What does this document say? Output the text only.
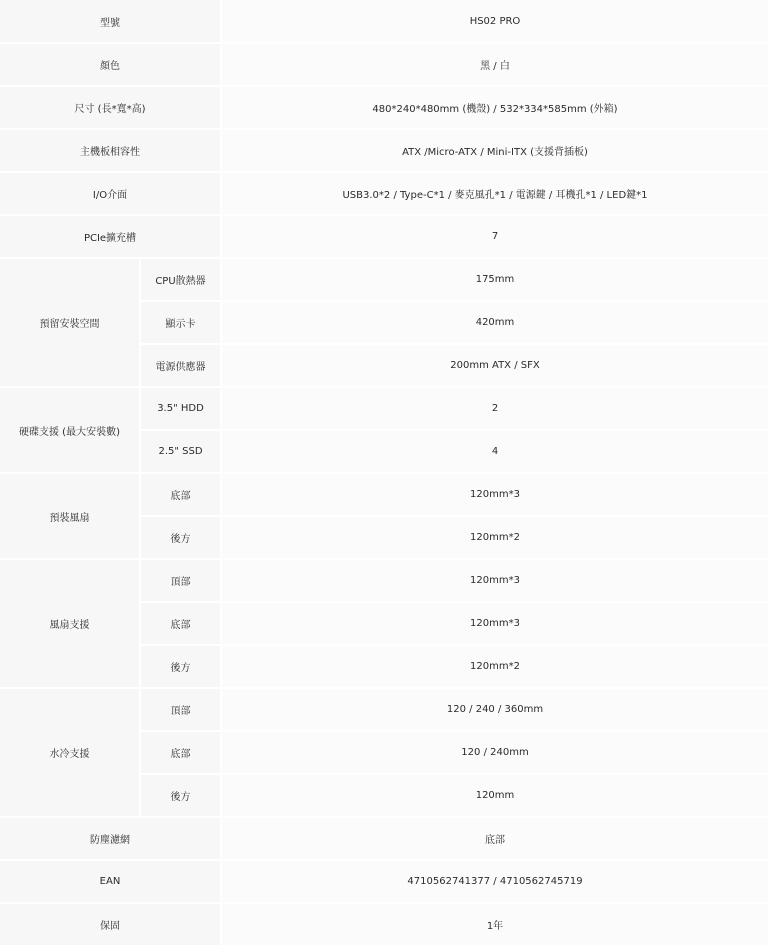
型號		HS02 PRO
顏色		黑 / 白
尺寸 (長*寬*高)		480*240*480mm (機殼) / 532*334*585mm (外箱)
主機板相容性		ATX /Micro-ATX / Mini-ITX (支援背插板)
I/O介面		USB3.0*2 / Type-C*1 / 麥克風孔*1 / 電源鍵 / 耳機孔*1 / LED鍵*1
PCIe擴充槽		7
預留安裝空間	CPU散熱器	175mm
	顯示卡	420mm
	電源供應器	200mm ATX / SFX
硬碟支援 (最大安裝數)	3.5" HDD	2
	2.5" SSD	4
預裝風扇	底部	120mm*3
	後方	120mm*2
風扇支援	頂部	120mm*3
	底部	120mm*3
	後方	120mm*2
水冷支援	頂部	120 / 240 / 360mm
	底部	120 / 240mm
	後方	120mm
防塵濾網		底部
EAN		4710562741377 / 4710562745719
保固		1年
